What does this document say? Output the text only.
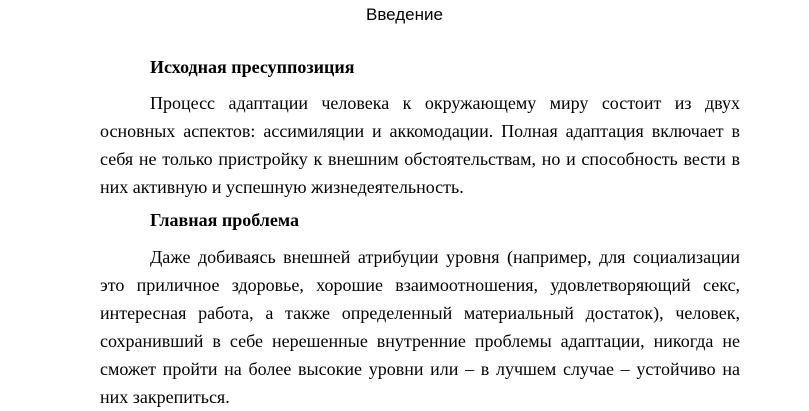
Введение
Исходная пресуппозиция

Процесс адаптации человека к окружающему миру состоит из двух основных аспектов: ассимиляции и аккомодации. Полная адаптация включает в себя не только пристройку к внешним обстоятельствам, но и способность вести в них активную и успешную жизнедеятельность.

Главная проблема

Даже добиваясь внешней атрибуции уровня (например, для социализации это приличное здоровье, хорошие взаимоотношения, удовлетворяющий секс, интересная работа, а также определенный материальный достаток), человек, сохранивший в себе нерешенные внутренние проблемы адаптации, никогда не сможет пройти на более высокие уровни или – в лучшем случае – устойчиво на них закрепиться.
